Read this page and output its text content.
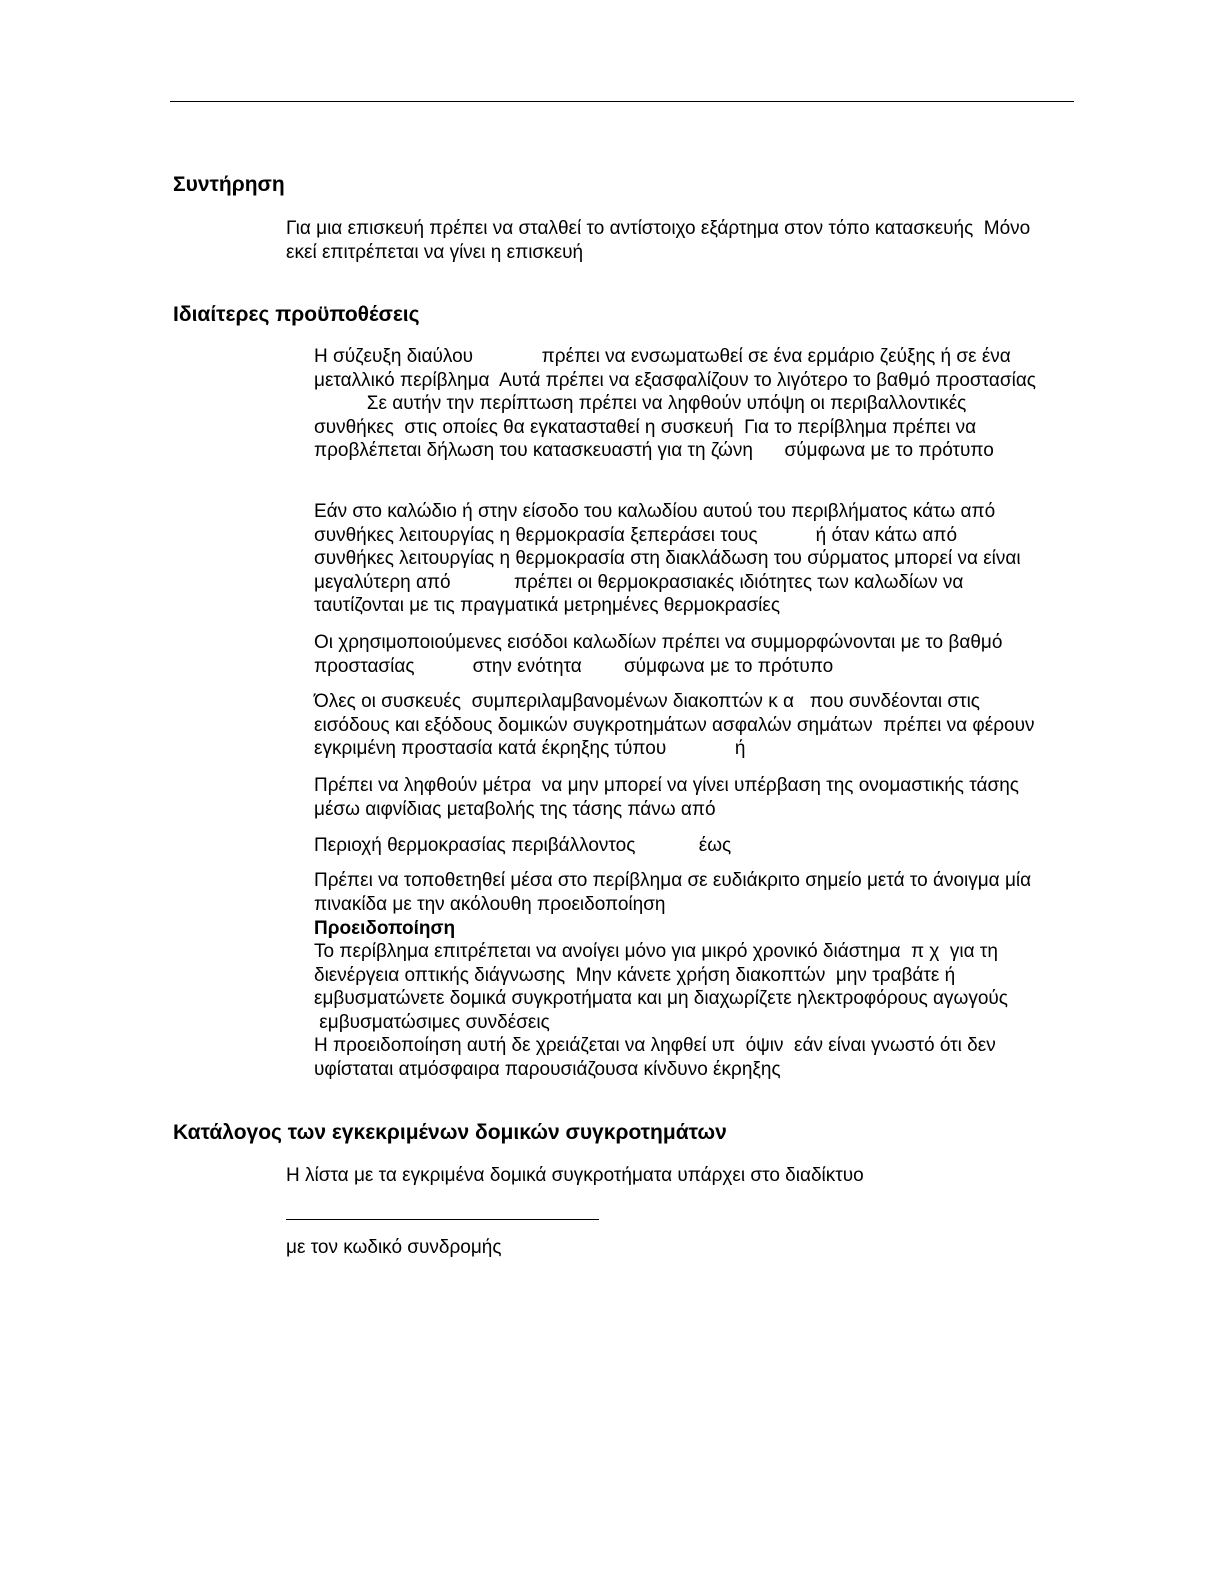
Συντήρηση

Για μια επισκευή πρέπει να σταλθεί το αντίστοιχο εξάρτημα στον τόπο κατασκευής  Μόνο
εκεί επιτρέπεται να γίνει η επισκευή

Ιδιαίτερες προϋποθέσεις

Η σύζευξη διαύλου             πρέπει να ενσωματωθεί σε ένα ερμάριο ζεύξης ή σε ένα
μεταλλικό περίβλημα  Αυτά πρέπει να εξασφαλίζουν το λιγότερο το βαθμό προστασίας
Σε αυτήν την περίπτωση πρέπει να ληφθούν υπόψη οι περιβαλλοντικές
συνθήκες  στις οποίες θα εγκατασταθεί η συσκευή  Για το περίβλημα πρέπει να
προβλέπεται δήλωση του κατασκευαστή για τη ζώνη      σύμφωνα με το πρότυπο

Εάν στο καλώδιο ή στην είσοδο του καλωδίου αυτού του περιβλήματος κάτω από
συνθήκες λειτουργίας η θερμοκρασία ξεπεράσει τους           ή όταν κάτω από
συνθήκες λειτουργίας η θερμοκρασία στη διακλάδωση του σύρματος μπορεί να είναι
μεγαλύτερη από            πρέπει οι θερμοκρασιακές ιδιότητες των καλωδίων να
ταυτίζονται με τις πραγματικά μετρημένες θερμοκρασίες

Οι χρησιμοποιούμενες εισόδοι καλωδίων πρέπει να συμμορφώνονται με το βαθμό
προστασίας           στην ενότητα        σύμφωνα με το πρότυπο

Όλες οι συσκευές  συμπεριλαμβανομένων διακοπτών κ α   που συνδέονται στις
εισόδους και εξόδους δομικών συγκροτημάτων ασφαλών σημάτων  πρέπει να φέρουν
εγκριμένη προστασία κατά έκρηξης τύπου             ή

Πρέπει να ληφθούν μέτρα  να μην μπορεί να γίνει υπέρβαση της ονομαστικής τάσης
μέσω αιφνίδιας μεταβολής της τάσης πάνω από

Περιοχή θερμοκρασίας περιβάλλοντος            έως

Πρέπει να τοποθετηθεί μέσα στο περίβλημα σε ευδιάκριτο σημείο μετά το άνοιγμα μία
πινακίδα με την ακόλουθη προειδοποίηση

Προειδοποίηση

Το περίβλημα επιτρέπεται να ανοίγει μόνο για μικρό χρονικό διάστημα  π χ  για τη
διενέργεια οπτικής διάγνωσης  Μην κάνετε χρήση διακοπτών  μην τραβάτε ή
εμβυσματώνετε δομικά συγκροτήματα και μη διαχωρίζετε ηλεκτροφόρους αγωγούς
εμβυσματώσιμες συνδέσεις
Η προειδοποίηση αυτή δε χρειάζεται να ληφθεί υπ  όψιν  εάν είναι γνωστό ότι δεν
υφίσταται ατμόσφαιρα παρουσιάζουσα κίνδυνο έκρηξης

Κατάλογος των εγκεκριμένων δομικών συγκροτημάτων

Η λίστα με τα εγκριμένα δομικά συγκροτήματα υπάρχει στο διαδίκτυο

με τον κωδικό συνδρομής
